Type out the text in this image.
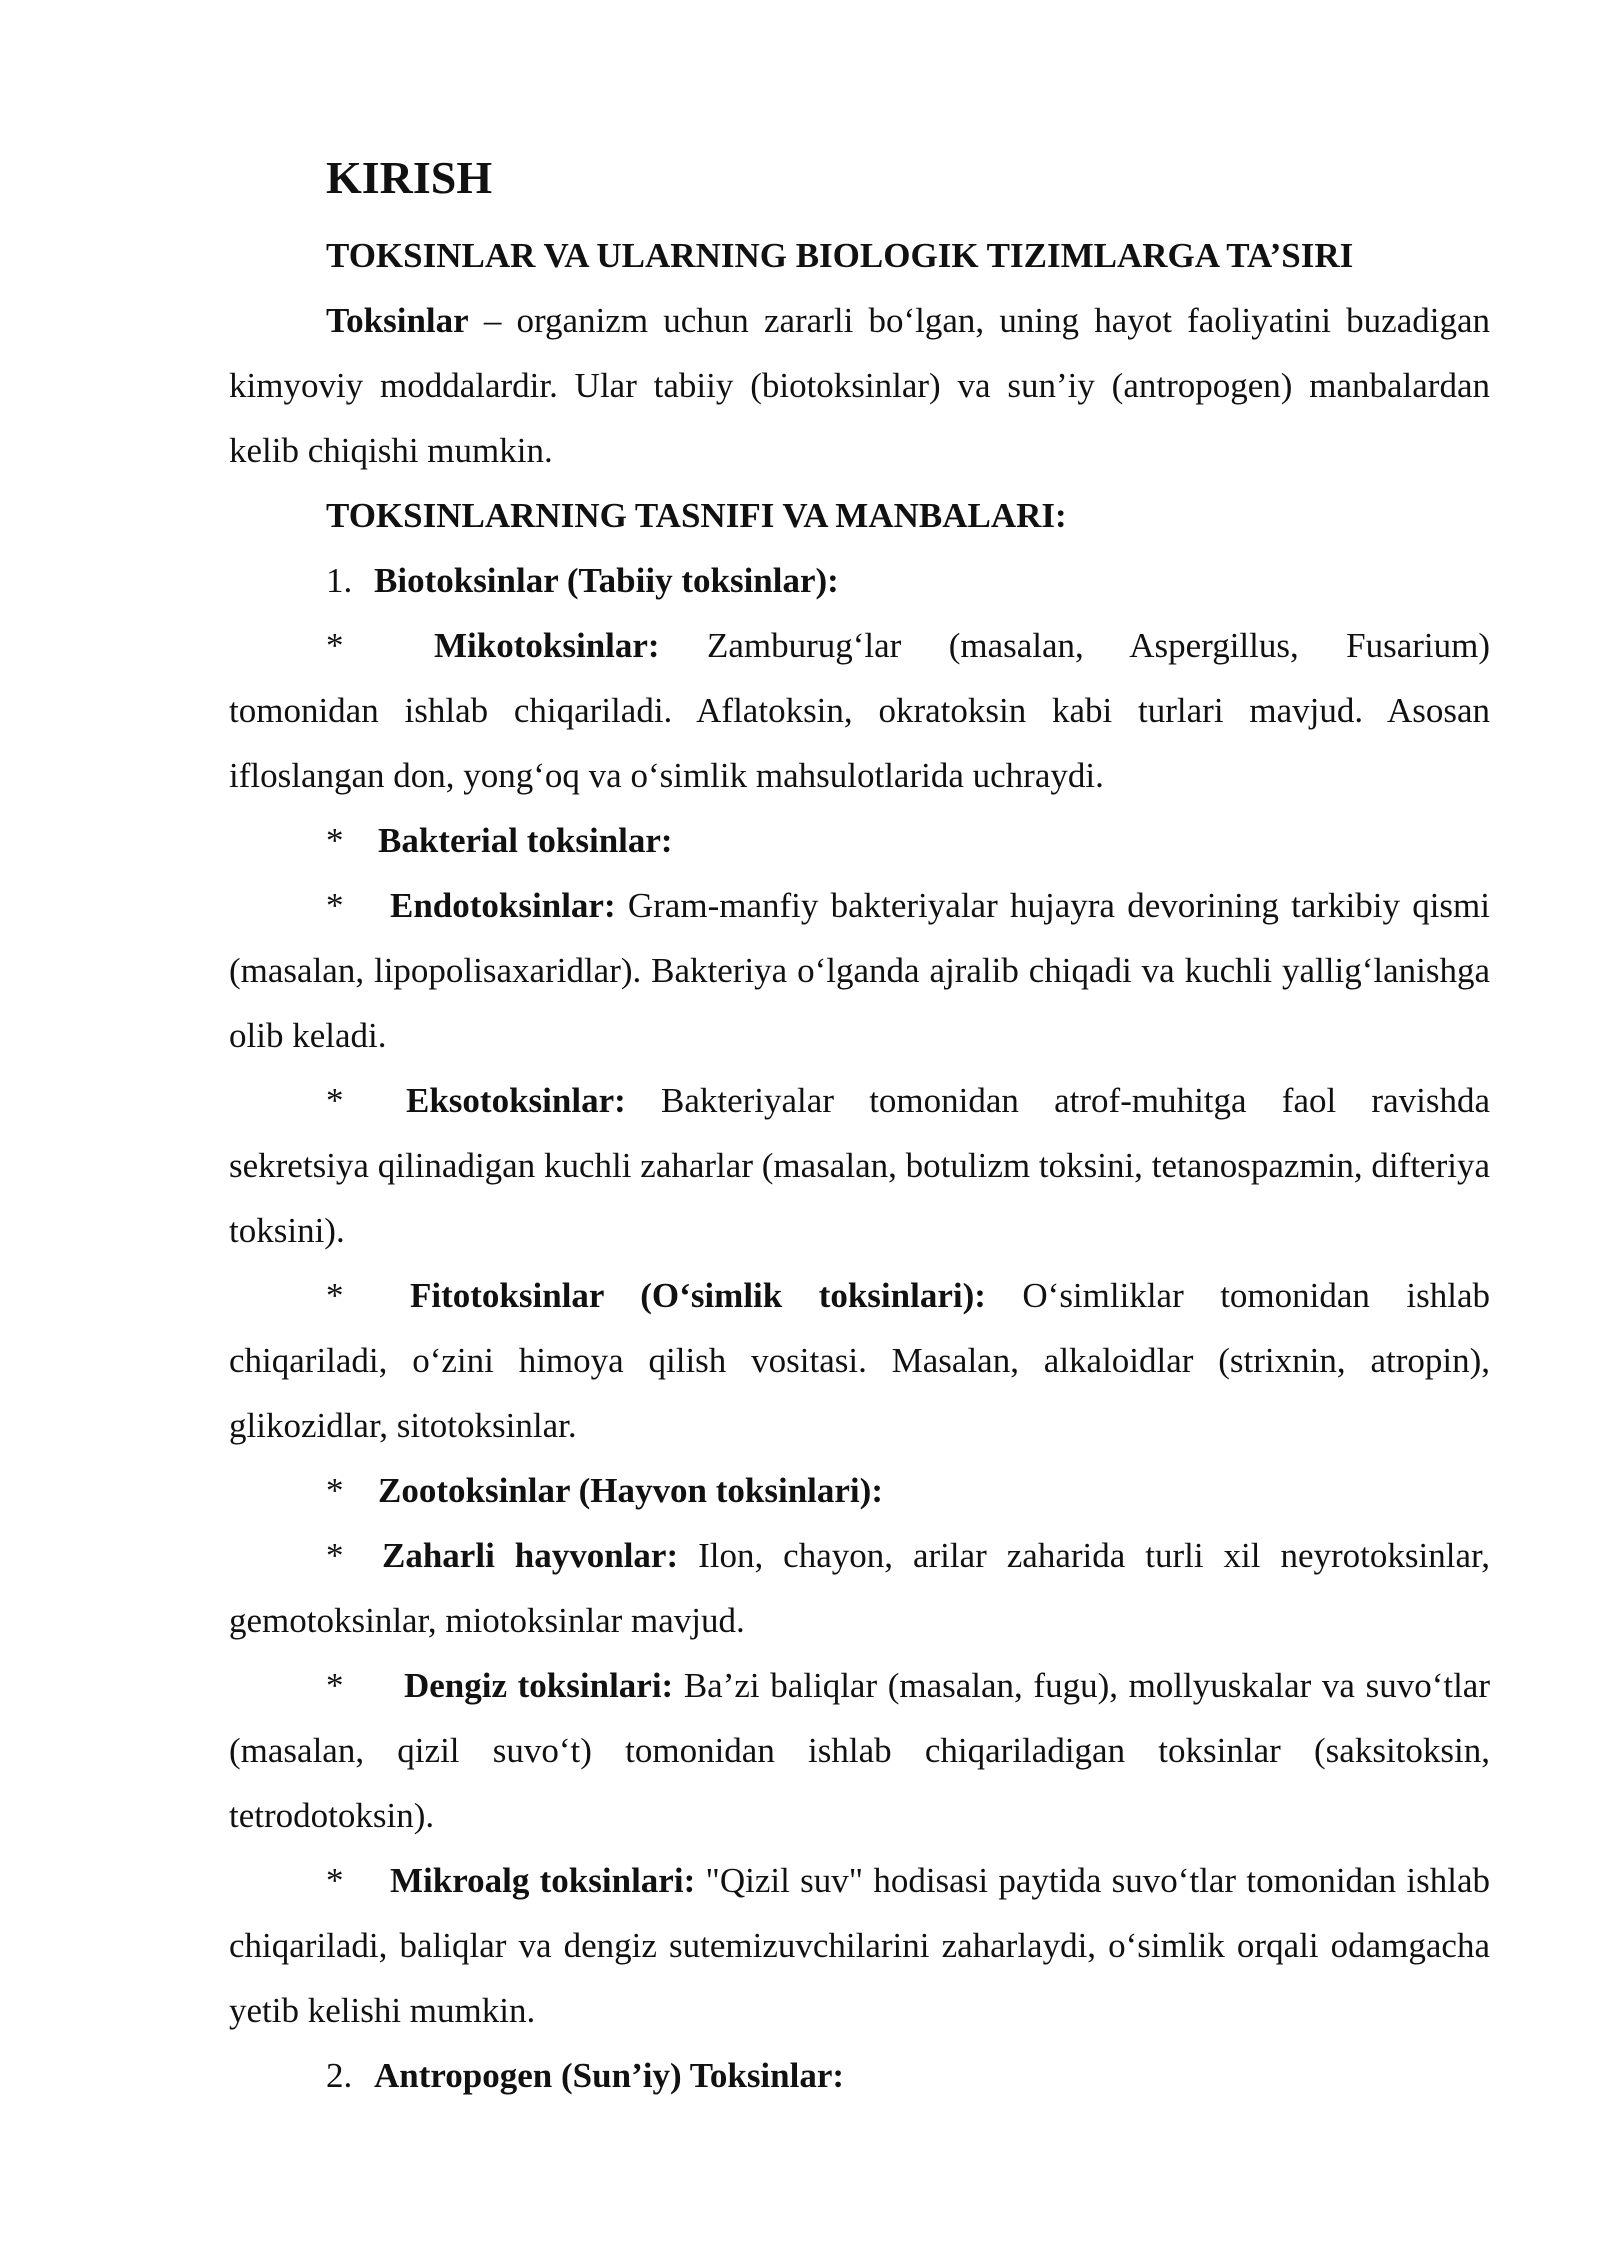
KIRISH
TOKSINLAR VA ULARNING BIOLOGIK TIZIMLARGA TA’SIRI

Toksinlar – organizm uchun zararli bo‘lgan, uning hayot faoliyatini buzadigan kimyoviy moddalardir. Ular tabiiy (biotoksinlar) va sun’iy (antropogen) manbalardan kelib chiqishi mumkin.

TOKSINLARNING TASNIFI VA MANBALARI:

1. Biotoksinlar (Tabiiy toksinlar):

*	Mikotoksinlar: Zamburug‘lar (masalan, Aspergillus, Fusarium) tomonidan ishlab chiqariladi. Aflatoksin, okratoksin kabi turlari mavjud. Asosan ifloslangan don, yong‘oq va o‘simlik mahsulotlarida uchraydi.

* Bakterial toksinlar:

* Endotoksinlar: Gram-manfiy bakteriyalar hujayra devorining tarkibiy qismi (masalan, lipopolisaxaridlar). Bakteriya o‘lganda ajralib chiqadi va kuchli yallig‘lanishga olib keladi.

* Eksotoksinlar: Bakteriyalar tomonidan atrof-muhitga faol ravishda sekretsiya qilinadigan kuchli zaharlar (masalan, botulizm toksini, tetanospazmin, difteriya toksini).

* Fitotoksinlar (O‘simlik toksinlari): O‘simliklar tomonidan ishlab chiqariladi, o‘zini himoya qilish vositasi. Masalan, alkaloidlar (strixnin, atropin), glikozidlar, sitotoksinlar.

* Zootoksinlar (Hayvon toksinlari):

* Zaharli hayvonlar: Ilon, chayon, arilar zaharida turli xil neyrotoksinlar, gemotoksinlar, miotoksinlar mavjud.

* Dengiz toksinlari: Ba’zi baliqlar (masalan, fugu), mollyuskalar va suvo‘tlar (masalan, qizil suvo‘t) tomonidan ishlab chiqariladigan toksinlar (saksitoksin, tetrodotoksin).

* Mikroalg toksinlari: "Qizil suv" hodisasi paytida suvo‘tlar tomonidan ishlab chiqariladi, baliqlar va dengiz sutemizuvchilarini zaharlaydi, o‘simlik orqali odamgacha yetib kelishi mumkin.

2. Antropogen (Sun’iy) Toksinlar:
